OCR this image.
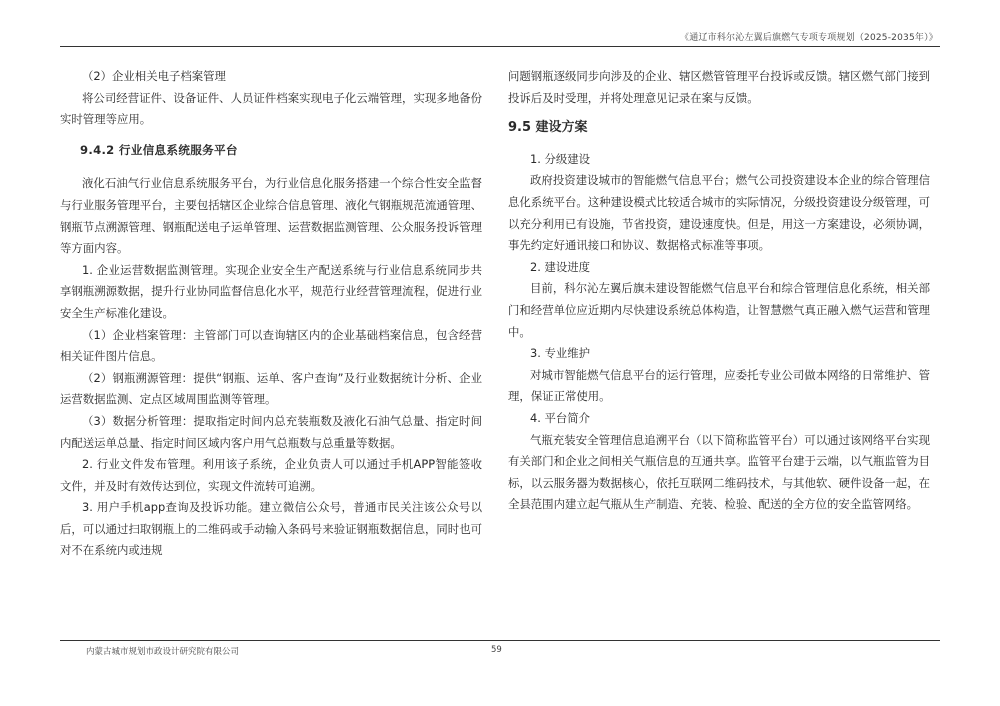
《通辽市科尔沁左翼后旗燃气专项专项规划（2025-2035年）》

（2）企业相关电子档案管理

将公司经营证件、设备证件、人员证件档案实现电子化云端管理，实现多地备份实时管理等应用。

9.4.2 行业信息系统服务平台

液化石油气行业信息系统服务平台，为行业信息化服务搭建一个综合性安全监督与行业服务管理平台，主要包括辖区企业综合信息管理、液化气钢瓶规范流通管理、钢瓶节点溯源管理、钢瓶配送电子运单管理、运营数据监测管理、公众服务投诉管理等方面内容。

1. 企业运营数据监测管理。实现企业安全生产配送系统与行业信息系统同步共享钢瓶溯源数据，提升行业协同监督信息化水平，规范行业经营管理流程，促进行业安全生产标准化建设。

（1）企业档案管理：主管部门可以查询辖区内的企业基础档案信息，包含经营相关证件图片信息。

（2）钢瓶溯源管理：提供“钢瓶、运单、客户查询”及行业数据统计分析、企业运营数据监测、定点区域周围监测等管理。

（3）数据分析管理：提取指定时间内总充装瓶数及液化石油气总量、指定时间内配送运单总量、指定时间区域内客户用气总瓶数与总重量等数据。

2. 行业文件发布管理。利用该子系统，企业负责人可以通过手机APP智能签收文件，并及时有效传达到位，实现文件流转可追溯。

3. 用户手机app查询及投诉功能。建立微信公众号，普通市民关注该公众号以后，可以通过扫取钢瓶上的二维码或手动输入条码号来验证钢瓶数据信息，同时也可对不在系统内或违规

问题钢瓶逐级同步向涉及的企业、辖区燃管管理平台投诉或反馈。辖区燃气部门接到投诉后及时受理，并将处理意见记录在案与反馈。

9.5 建设方案

1. 分级建设

政府投资建设城市的智能燃气信息平台；燃气公司投资建设本企业的综合管理信息化系统平台。这种建设模式比较适合城市的实际情况，分级投资建设分级管理，可以充分利用已有设施，节省投资，建设速度快。但是，用这一方案建设，必须协调，事先约定好通讯接口和协议、数据格式标准等事项。

2. 建设进度

目前，科尔沁左翼后旗未建设智能燃气信息平台和综合管理信息化系统，相关部门和经营单位应近期内尽快建设系统总体构造，让智慧燃气真正融入燃气运营和管理中。

3. 专业维护

对城市智能燃气信息平台的运行管理，应委托专业公司做本网络的日常维护、管理，保证正常使用。

4. 平台简介

气瓶充装安全管理信息追溯平台（以下简称监管平台）可以通过该网络平台实现有关部门和企业之间相关气瓶信息的互通共享。监管平台建于云端，以气瓶监管为目标，以云服务器为数据核心，依托互联网二维码技术，与其他软、硬件设备一起，在全县范围内建立起气瓶从生产制造、充装、检验、配送的全方位的安全监管网络。

内蒙古城市规划市政设计研究院有限公司	59
